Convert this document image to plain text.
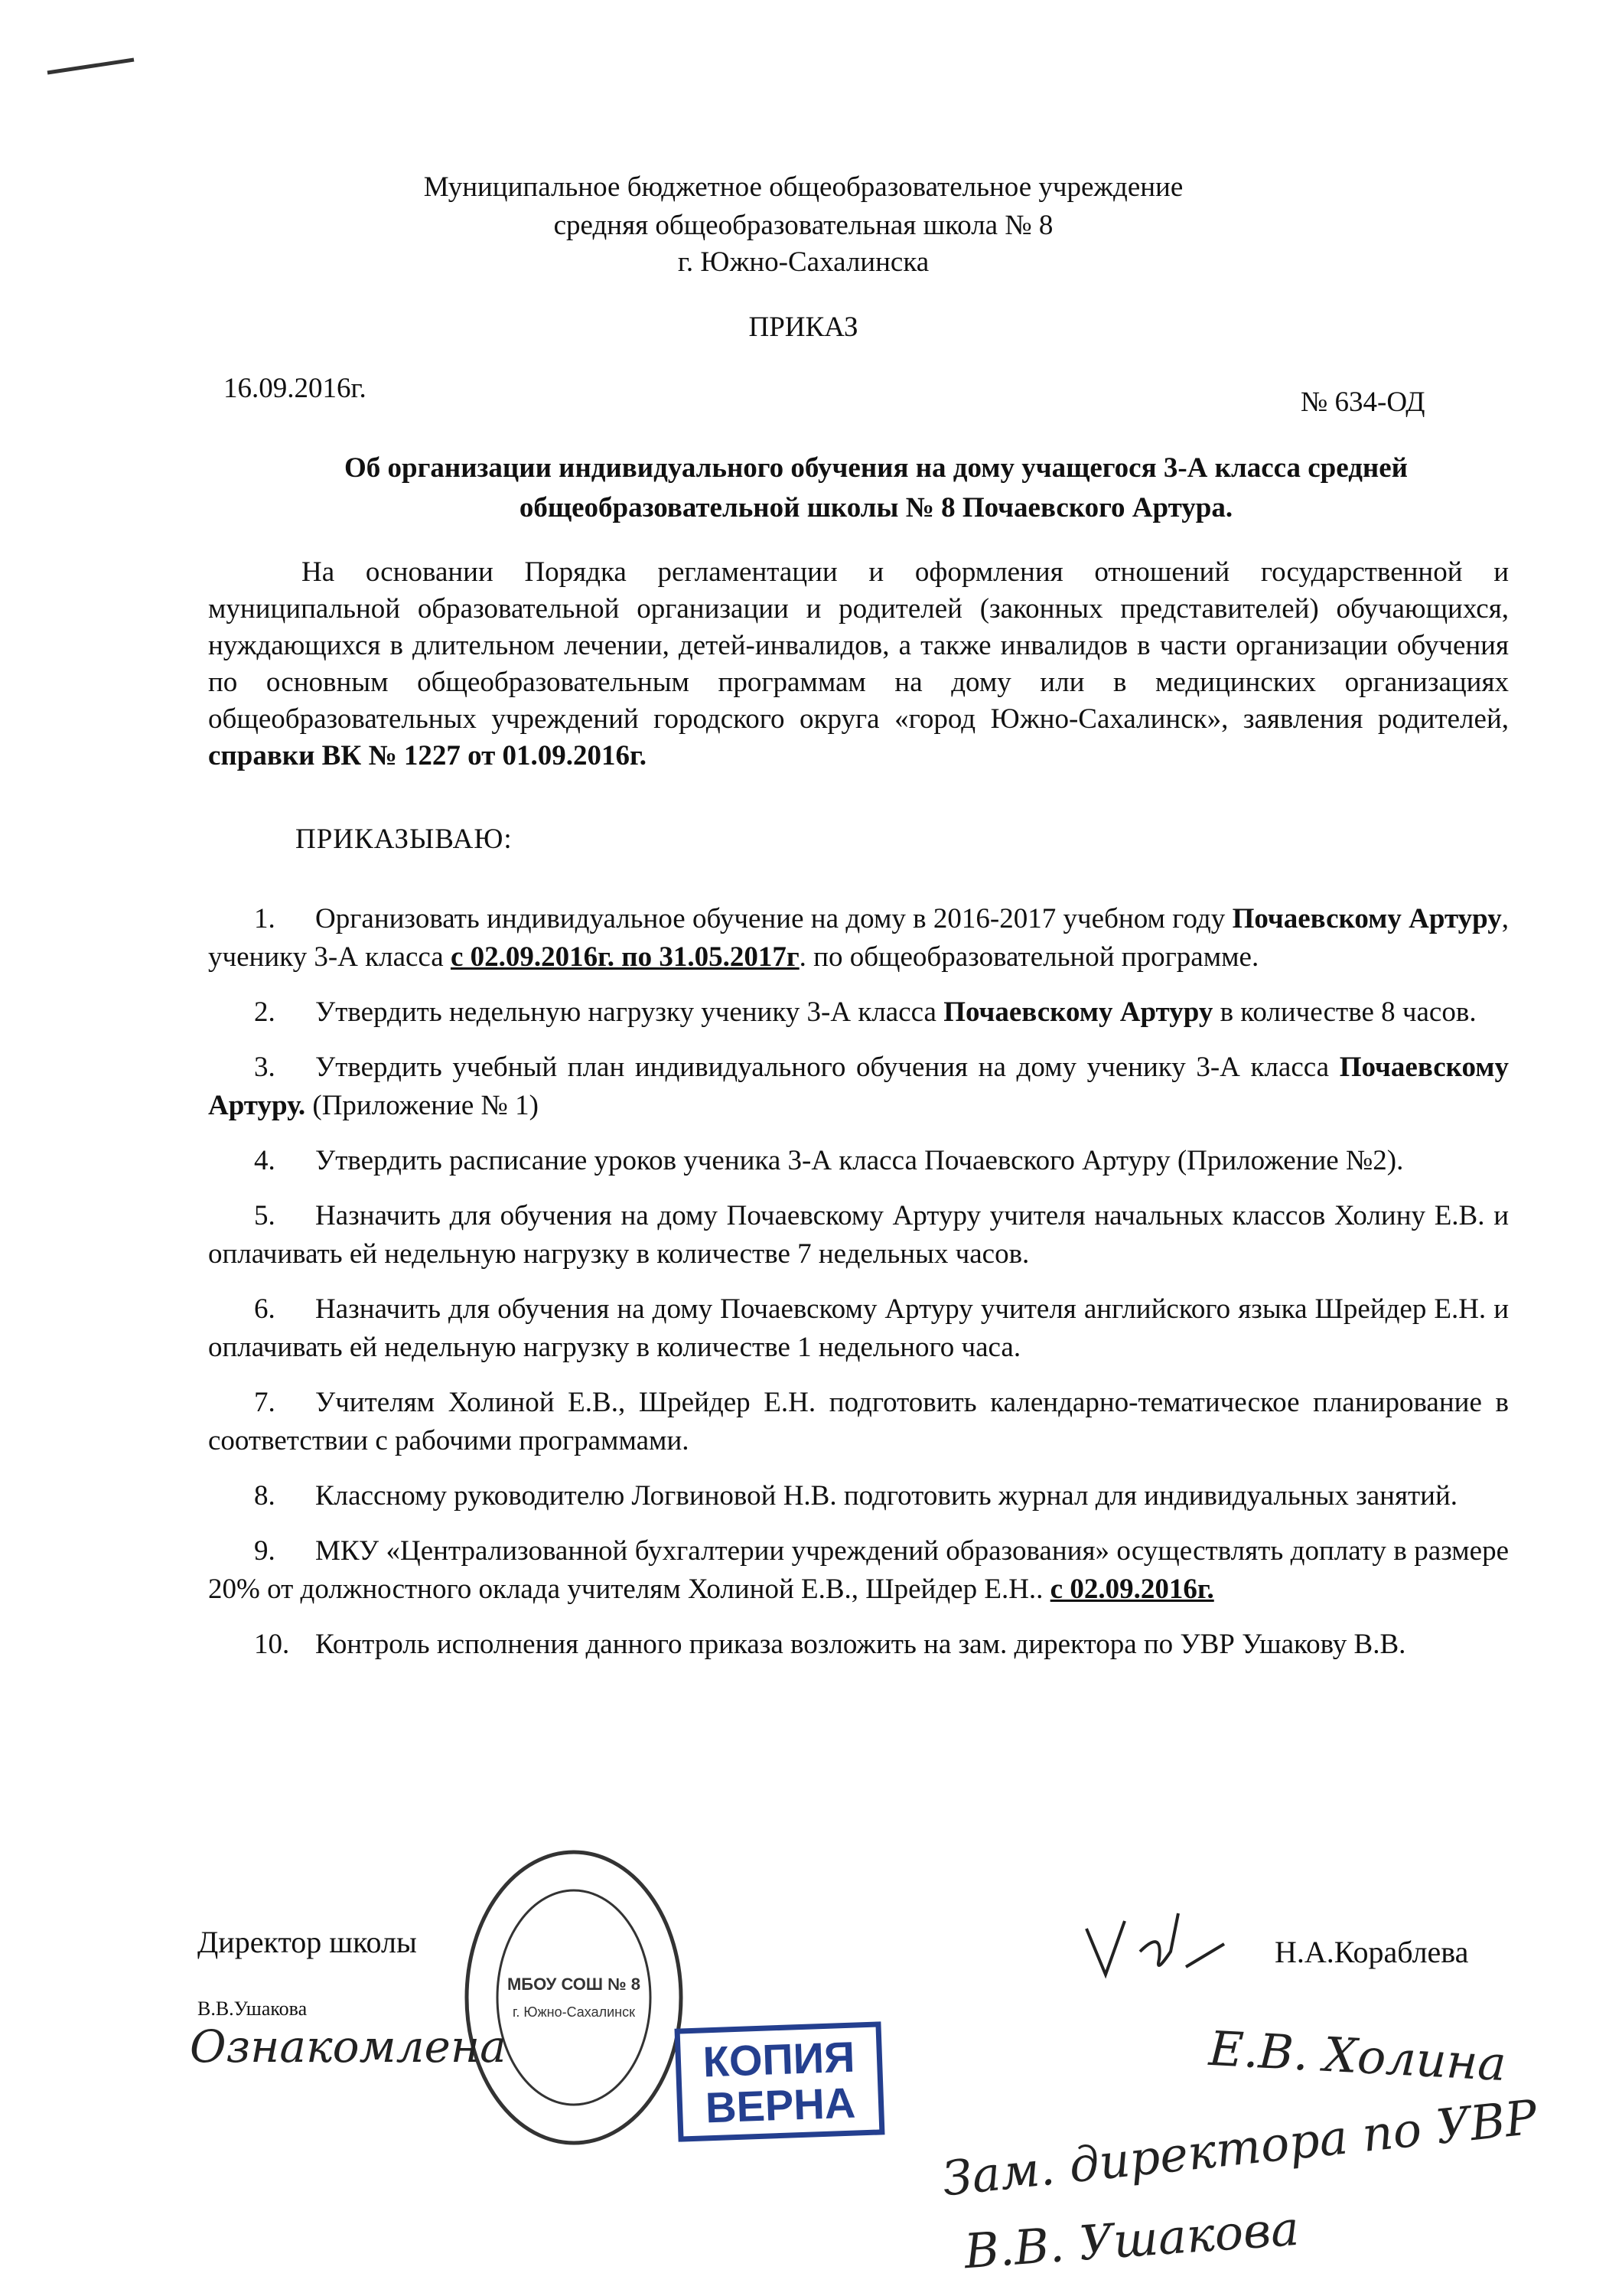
Муниципальное бюджетное общеобразовательное учреждение
средняя общеобразовательная школа № 8
г. Южно-Сахалинска
ПРИКАЗ
16.09.2016г.	№ 634-ОД
Об организации индивидуального обучения на дому учащегося 3-А класса средней общеобразовательной школы № 8 Почаевского Артура.
На основании Порядка регламентации и оформления отношений государственной и муниципальной образовательной организации и родителей (законных представителей) обучающихся, нуждающихся в длительном лечении, детей-инвалидов, а также инвалидов в части организации обучения по основным общеобразовательным программам на дому или в медицинских организациях общеобразовательных учреждений городского округа «город Южно-Сахалинск», заявления родителей, справки ВК № 1227 от 01.09.2016г.
ПРИКАЗЫВАЮ:
1. Организовать индивидуальное обучение на дому в 2016-2017 учебном году Почаевскому Артуру, ученику 3-А класса с 02.09.2016г. по 31.05.2017г. по общеобразовательной программе.
2. Утвердить недельную нагрузку ученику 3-А класса Почаевскому Артуру в количестве 8 часов.
3. Утвердить учебный план индивидуального обучения на дому ученику 3-А класса Почаевскому Артуру. (Приложение № 1)
4. Утвердить расписание уроков ученика 3-А класса Почаевского Артуру (Приложение №2).
5. Назначить для обучения на дому Почаевскому Артуру учителя начальных классов Холину Е.В. и оплачивать ей недельную нагрузку в количестве 7 недельных часов.
6. Назначить для обучения на дому Почаевскому Артуру учителя английского языка Шрейдер Е.Н. и оплачивать ей недельную нагрузку в количестве 1 недельного часа.
7. Учителям Холиной Е.В., Шрейдер Е.Н. подготовить календарно-тематическое планирование в соответствии с рабочими программами.
8. Классному руководителю Логвиновой Н.В. подготовить журнал для индивидуальных занятий.
9. МКУ «Централизованной бухгалтерии учреждений образования» осуществлять доплату в размере 20% от должностного оклада учителям Холиной Е.В., Шрейдер Е.Н.. с 02.09.2016г.
10. Контроль исполнения данного приказа возложить на зам. директора по УВР Ушакову В.В.
Директор школы
В.В.Ушакова
Н.А.Кораблева
МБОУ СОШ № 8
г. Южно-Сахалинск
КОПИЯ
ВЕРНА
Ознакомлена	Е.В. Холина
Зам. директора по УВР
В.В. Ушакова
